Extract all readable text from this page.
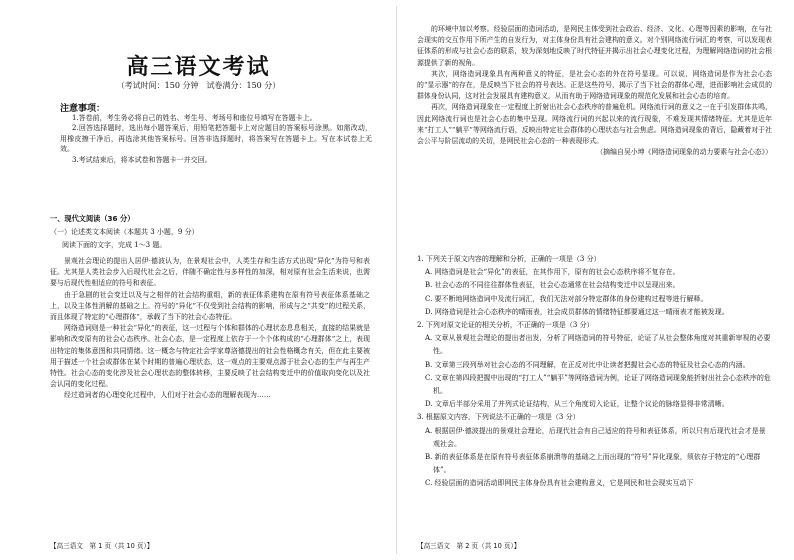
高三语文考试
（考试时间：150 分钟　试卷满分：150 分）
注意事项：

1.答卷前，考生务必将自己的姓名、考生号、考场号和座位号填写在答题卡上。

2.回答选择题时，选出每小题答案后，用铅笔把答题卡上对应题目的答案标号涂黑。如需改动，用橡皮擦干净后，再选涂其他答案标号。回答非选择题时，将答案写在答题卡上。写在本试卷上无效。

3.考试结束后，将本试卷和答题卡一并交回。

一、现代文阅读（36 分）
（一）论述类文本阅读（本题共 3 小题，9 分）
阅读下面的文字，完成 1～3 题。

景观社会理论的提出人居伊·德波认为，在景观社会中，人类生存和生活方式出现“异化”为符号和表征。尤其是人类社会步入后现代社会之后，伴随不确定性与多样性的加深，相对原有社会生活来说，也需要与后现代性相适应的符号和表征。

由于急剧的社会变迁以及与之相伴的社会结构重组，新的表征体系建构在原有符号表征体系基础之上，以及主体性消解的基础之上。符号的“异化”不仅受到社会结构的影响，形成与之“共变”的过程关系，而且体现了特定的“心理群体”，承载了当下的社会心态特征。

网络造词则是一种社会“异化”的表征，这一过程与个体和群体的心理状态息息相关，直接的结果就是影响和改变原有的社会心态秩序。社会心态，是一定程度上依存于一个个体构成的“心理群体”之上，表现出特定的集体意图和共同情绪。这一概念与特定社会学家尊洛德提出的社会性格概念有关，但在此主要被用于描述一个社会或群体在某个时期的普遍心理状态，这一观点的主要观点源于社会心态的生产与再生产特性。社会心态的变化涉及社会心理状态的整体转移，主要反映了社会结构变迁中的价值取向变化以及社会认同的变化过程。

经过造词者的心理变化过程中，人们对于社会心态的理解表现为……

【高三语文　第 1 页（共 10 页）】

的环境中加以考察。经验层面的造词活动，是网民主体受到社会政治、经济、文化、心理等因素的影响，在与社会现实的交互作用下所产生的自发行为，对主体身份具有社会建构的意义。对个别网络流行词汇的考察，可以发现表征体系的形成与社会心态的联系，较为深刻地反映了时代特征并揭示出社会心理变化过程，为理解网络造词的社会根源提供了新的视角。

其次，网络造词现象具有两种意义的特征，是社会心态的外在符号显现。可以说，网络造词是作为社会心态的“显示器”的存在，是反映当下社会的符号表达。正是这些符号，揭示了当下社会的群体心理，进而影响社会成员的群体身份认同，这对社会发展具有建构意义，从而有助于网络造词现象的规范化发展和社会心态的培育。

再次，网络造词现象在一定程度上折射出社会心态秩序的普遍危机。网络流行词的意义之一在于引发群体共鸣，因此网络流行词也是社会心态的集中呈现。网络流行词的兴起以来的流行现象，不难发现其情绪特征。尤其是近年来“打工人”“躺平”等网络流行语，反映出特定社会群体的心理状态与社会焦虑。网络造词现象的背后，隐藏着对于社会公平与阶层流动的关切，是网民社会心态的一种表现形式。

（摘编自吴小坤《网络造词现象的动力要素与社会心态》）

1. 下列关于原文内容的理解和分析，正确的一项是（3 分）

A. 网络造词是社会“异化”的表征，在其作用下，原有的社会心态秩序将不复存在。

B. 社会心态的不同往往群体性表征，社会心态通常在社会结构变迁中以呈现出来。

C. 要不断地网络造词中及流行词汇，我们无法对部分特定群体的身份建构过程等进行解释。

D. 网络造词是社会心态秩序的晴雨表，社会成员群体的情绪特征都要通过这一晴雨表才能被发现。

2. 下列对原文论证的相关分析，不正确的一项是（3 分）

A. 文章从景观社会理论的提出者出发，分析了网络造词的符号特征，论证了从社会整体角度对其重新审视的必要性。

B. 文章第三段列举对社会心态的不同理解，在正反对比中让读者把握社会心态的特征及社会心态的内涵。

C. 文章在第四段把握中出现的“打工人”“躺平”等网络造词为例，论证了网络造词现象能折射出社会心态秩序的危机。

D. 文章后半部分采用了并列式论证结构，从三个角度切入论证，让整个议论的脉络显得非常清晰。

3. 根据原文内容，下列说法不正确的一项是（3 分）

A. 根据居伊·德波提出的景观社会理论，后现代社会有自己适应的符号和表征体系，所以只有后现代社会才是景观社会。

B. 新的表征体系是在原有符号表征体系崩溃等的基础之上而出现的“符号”异化现象，须依存于特定的“心理群体”。

C. 经验层面的造词活动即网民主体身份具有社会建构意义，它是网民和社会现实互动下

【高三语文　第 2 页（共 10 页）】
